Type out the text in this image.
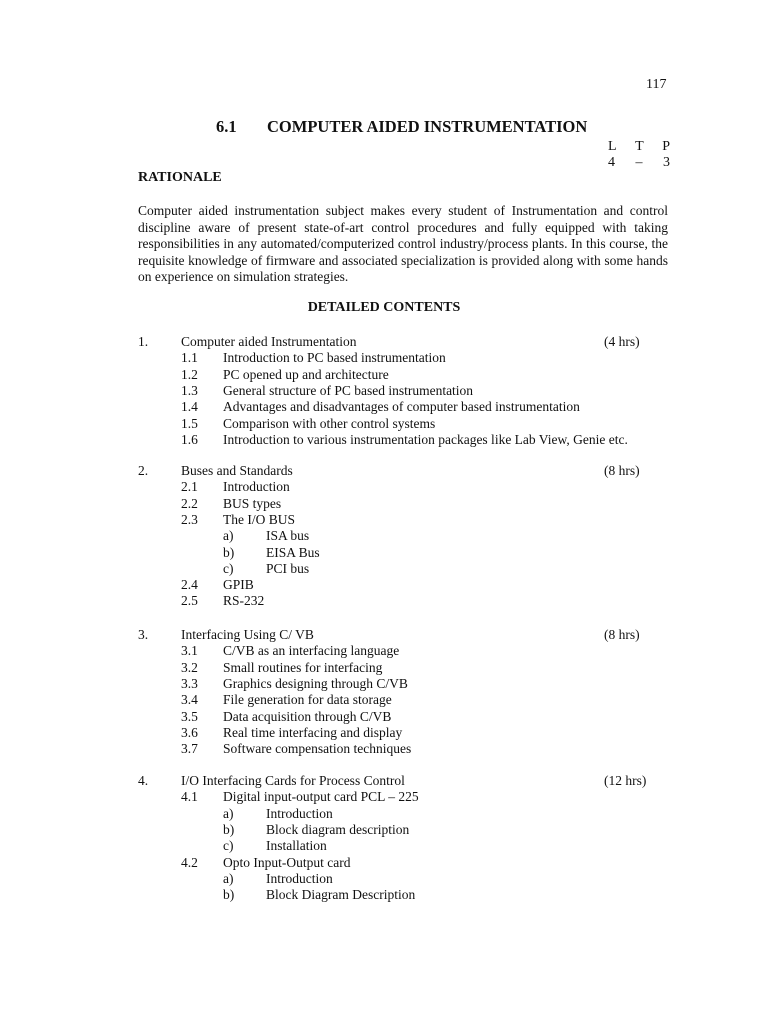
117
6.1 COMPUTER AIDED INSTRUMENTATION
L T P
4 – 3
RATIONALE
Computer aided instrumentation subject makes every student of Instrumentation and control discipline aware of present state-of-art control procedures and fully equipped with taking responsibilities in any automated/computerized control industry/process plants. In this course, the requisite knowledge of firmware and associated specialization is provided along with some hands on experience on simulation strategies.
DETAILED CONTENTS
1. Computer aided Instrumentation	(4 hrs)
1.1 Introduction to PC based instrumentation
1.2 PC opened up and architecture
1.3 General structure of PC based instrumentation
1.4 Advantages and disadvantages of computer based instrumentation
1.5 Comparison with other control systems
1.6 Introduction to various instrumentation packages like Lab View, Genie etc.
2. Buses and Standards	(8 hrs)
2.1 Introduction
2.2 BUS types
2.3 The I/O BUS
a) ISA bus
b) EISA Bus
c) PCI bus
2.4 GPIB
2.5 RS-232
3. Interfacing Using C/ VB	(8 hrs)
3.1 C/VB as an interfacing language
3.2 Small routines for interfacing
3.3 Graphics designing through C/VB
3.4 File generation for data storage
3.5 Data acquisition through C/VB
3.6 Real time interfacing and display
3.7 Software compensation techniques
4. I/O Interfacing Cards for Process Control	(12 hrs)
4.1 Digital input-output card PCL – 225
a) Introduction
b) Block diagram description
c) Installation
4.2 Opto Input-Output card
a) Introduction
b) Block Diagram Description
